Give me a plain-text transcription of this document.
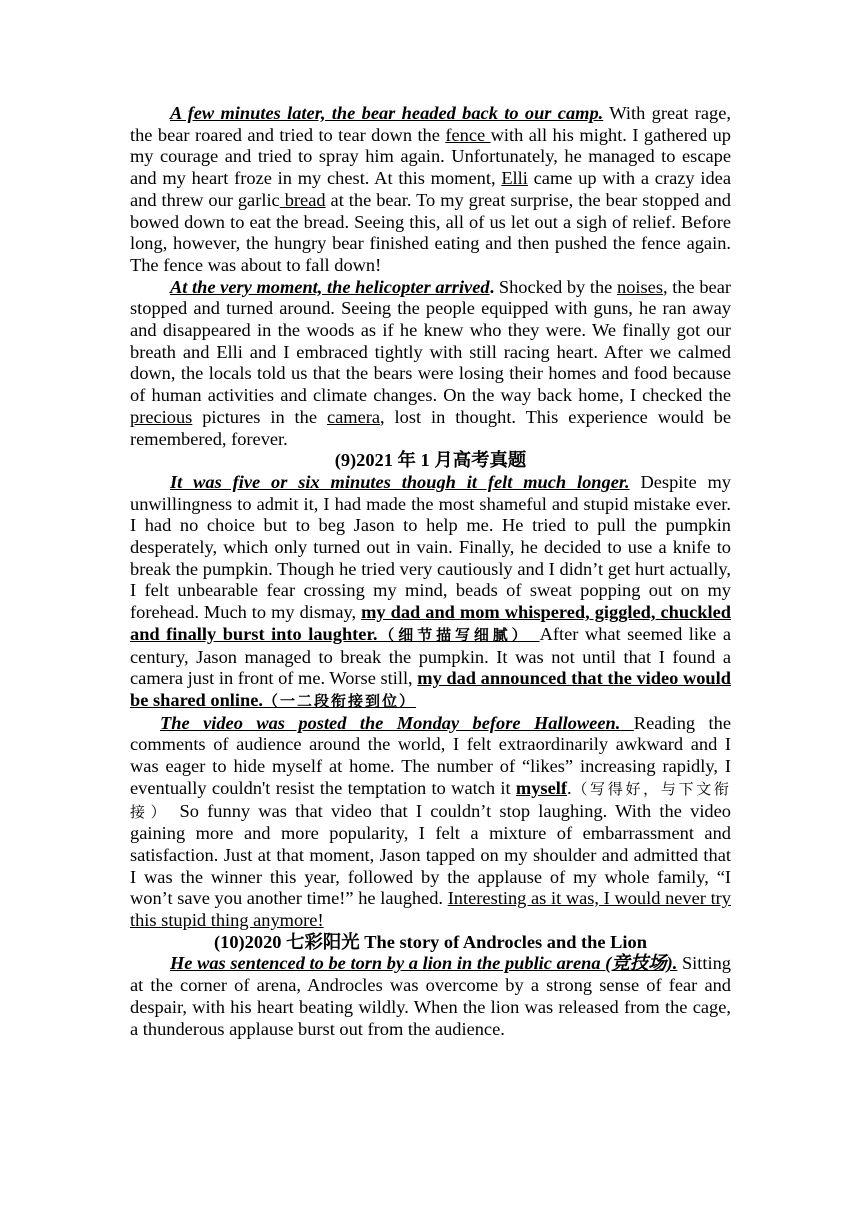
A few minutes later, the bear headed back to our camp. With great rage, the bear roared and tried to tear down the fence with all his might. I gathered up my courage and tried to spray him again. Unfortunately, he managed to escape and my heart froze in my chest. At this moment, Elli came up with a crazy idea and threw our garlic bread at the bear. To my great surprise, the bear stopped and bowed down to eat the bread. Seeing this, all of us let out a sigh of relief. Before long, however, the hungry bear finished eating and then pushed the fence again. The fence was about to fall down!

At the very moment, the helicopter arrived. Shocked by the noises, the bear stopped and turned around. Seeing the people equipped with guns, he ran away and disappeared in the woods as if he knew who they were. We finally got our breath and Elli and I embraced tightly with still racing heart. After we calmed down, the locals told us that the bears were losing their homes and food because of human activities and climate changes. On the way back home, I checked the precious pictures in the camera, lost in thought. This experience would be remembered, forever.

(9)2021 年 1 月高考真题

It was five or six minutes though it felt much longer. Despite my unwillingness to admit it, I had made the most shameful and stupid mistake ever. I had no choice but to beg Jason to help me. He tried to pull the pumpkin desperately, which only turned out in vain. Finally, he decided to use a knife to break the pumpkin. Though he tried very cautiously and I didn’t get hurt actually, I felt unbearable fear crossing my mind, beads of sweat popping out on my forehead. Much to my dismay, my dad and mom whispered, giggled, chuckled and finally burst into laughter.（细节描写细腻） After what seemed like a century, Jason managed to break the pumpkin. It was not until that I found a camera just in front of me. Worse still, my dad announced that the video would be shared online.（一二段衔接到位）

The video was posted the Monday before Halloween. Reading the comments of audience around the world, I felt extraordinarily awkward and I was eager to hide myself at home. The number of “likes” increasing rapidly, I eventually couldn't resist the temptation to watch it myself.（写得好，与下文衔接） So funny was that video that I couldn’t stop laughing. With the video gaining more and more popularity, I felt a mixture of embarrassment and satisfaction. Just at that moment, Jason tapped on my shoulder and admitted that I was the winner this year, followed by the applause of my whole family, “I won’t save you another time!” he laughed. Interesting as it was, I would never try this stupid thing anymore!

(10)2020 七彩阳光 The story of Androcles and the Lion

He was sentenced to be torn by a lion in the public arena (竞技场). Sitting at the corner of arena, Androcles was overcome by a strong sense of fear and despair, with his heart beating wildly. When the lion was released from the cage, a thunderous applause burst out from the audience.
